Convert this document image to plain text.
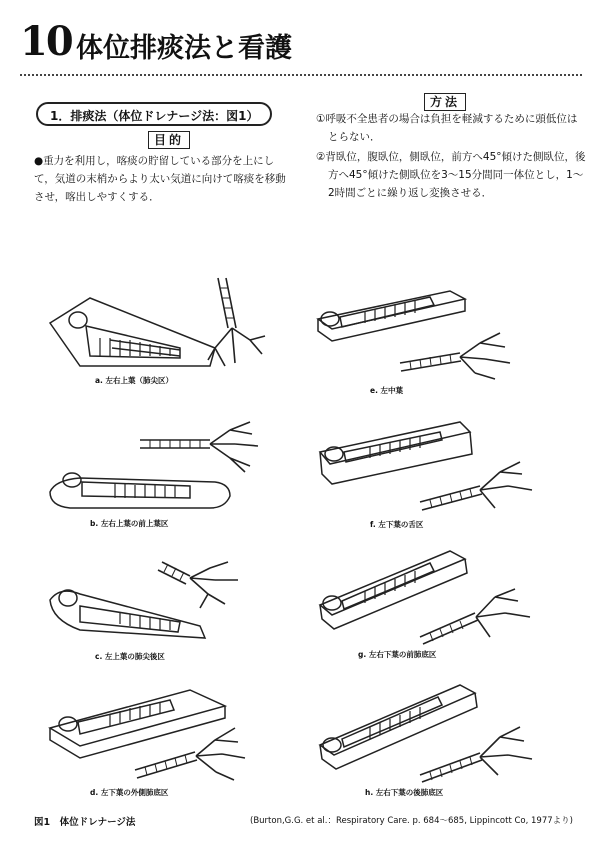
10 体位排痰法と看護
1．排痰法（体位ドレナージ法：図1）
目的
●重力を利用し，喀痰の貯留している部分を上にして，気道の末梢からより太い気道に向けて喀痰を移動させ，喀出しやすくする．
方法
①呼吸不全患者の場合は負担を軽減するために頭低位はとらない．
②背臥位，腹臥位，側臥位，前方へ45°傾けた側臥位，後方へ45°傾けた側臥位を3～15分間同一体位とし，1～2時間ごとに繰り返し変換させる．
a. 左右上葉（肺尖区）
b. 左右上葉の前上葉区
c. 左上葉の肺尖後区
d. 左下葉の外側肺底区
e. 左中葉
f. 左下葉の舌区
g. 左右下葉の前肺底区
h. 左右下葉の後肺底区
図1　体位ドレナージ法	(Burton,G.G. et al.：Respiratory Care. p. 684～685, Lippincott Co, 1977より)
